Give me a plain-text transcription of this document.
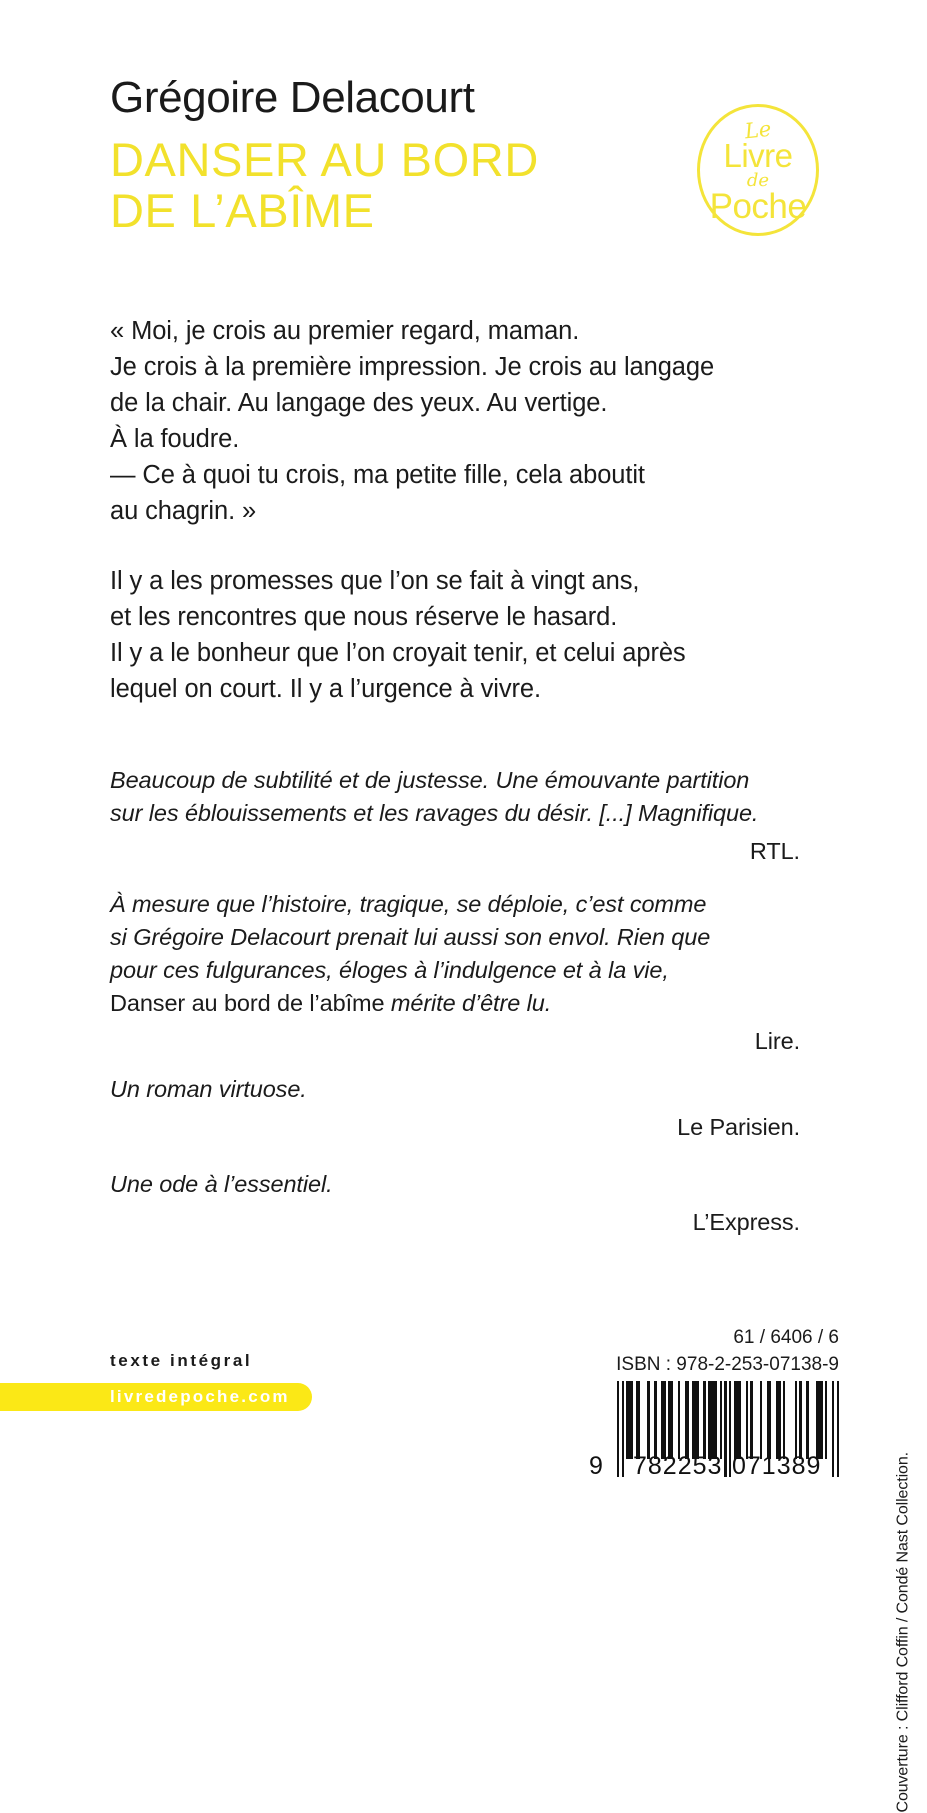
Grégoire Delacourt
DANSER AU BORD
DE L’ABÎME
Le
Livre
de
Poche
« Moi, je crois au premier regard, maman.
Je crois à la première impression. Je crois au langage
de la chair. Au langage des yeux. Au vertige.
À la foudre.
— Ce à quoi tu crois, ma petite fille, cela aboutit
au chagrin. »
Il y a les promesses que l’on se fait à vingt ans,
et les rencontres que nous réserve le hasard.
Il y a le bonheur que l’on croyait tenir, et celui après
lequel on court. Il y a l’urgence à vivre.
Beaucoup de subtilité et de justesse. Une émouvante partition
sur les éblouissements et les ravages du désir. [...] Magnifique.
RTL.
À mesure que l’histoire, tragique, se déploie, c’est comme
si Grégoire Delacourt prenait lui aussi son envol. Rien que
pour ces fulgurances, éloges à l’indulgence et à la vie,
Danser au bord de l’abîme mérite d’être lu.
Lire.
Un roman virtuose.
Le Parisien.
Une ode à l’essentiel.
L’Express.
texte intégral
livredepoche.com
61 / 6406 / 6
ISBN : 978-2-253-07138-9
9 782253 071389	Couverture : Clifford Coffin / Condé Nast Collection.
